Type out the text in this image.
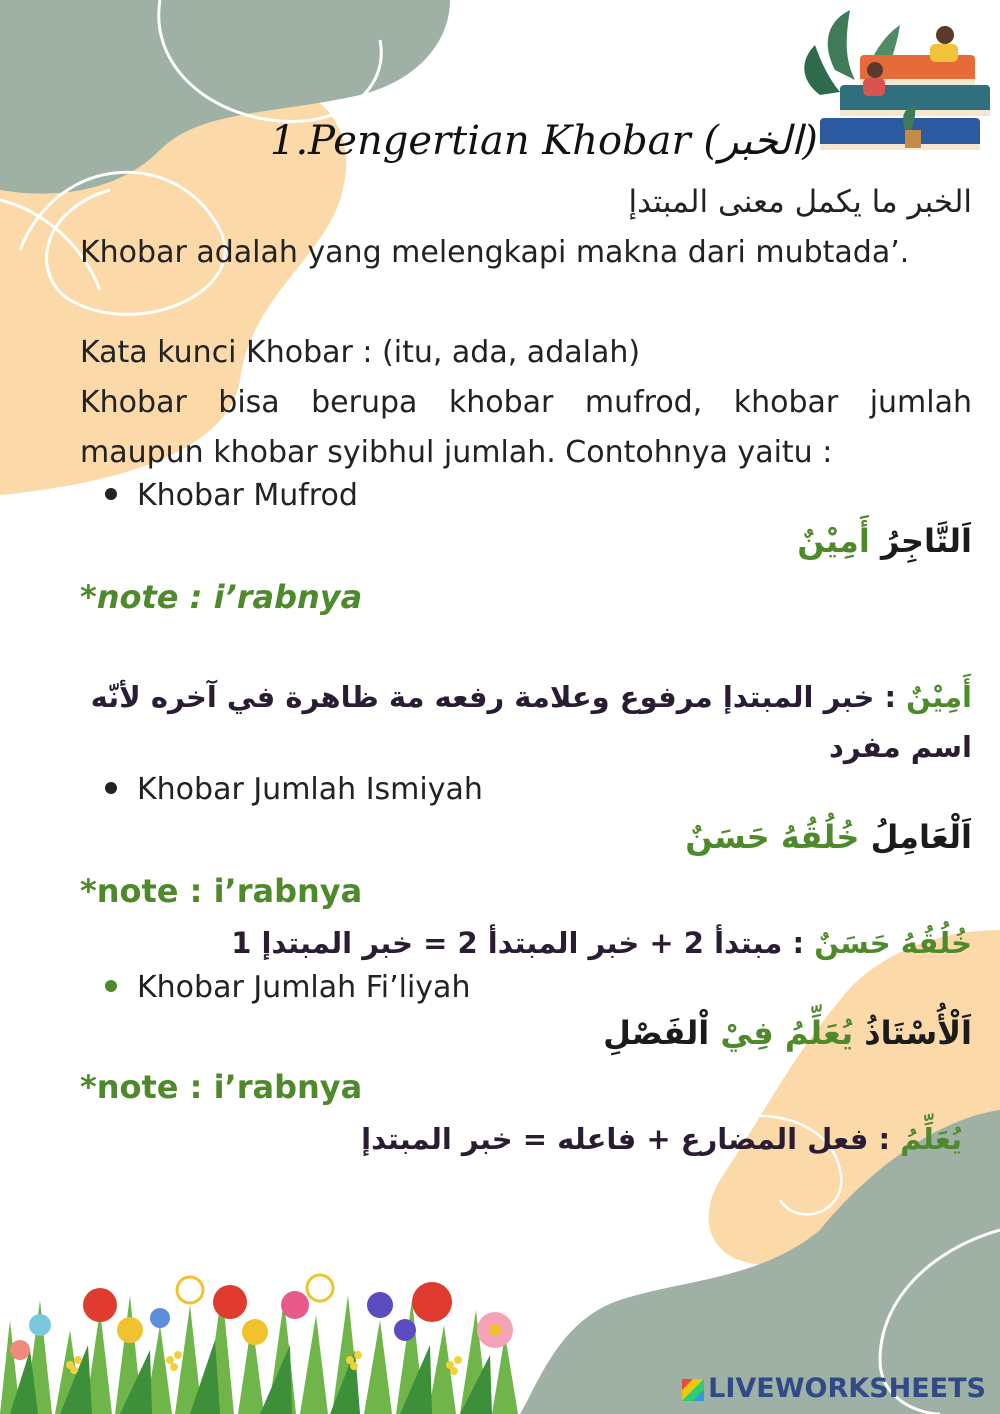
1.Pengertian Khobar (الخبر)
الخبر ما يكمل معنى المبتدإ
Khobar adalah yang melengkapi makna dari mubtada’.
Kata kunci Khobar : (itu, ada, adalah)
Khobar bisa berupa khobar mufrod, khobar jumlah maupun khobar syibhul jumlah. Contohnya yaitu :
Khobar Mufrod
اَلتَّاجِرُ أَمِيْنٌ
*note : i’rabnya
أَمِيْنٌ : خبر المبتدإ مرفوع وعلامة رفعه مة ظاهرة في آخره لأنّه اسم مفرد
Khobar Jumlah Ismiyah
اَلْعَامِلُ خُلُقُهُ حَسَنٌ
*note : i’rabnya
خُلُقُهُ حَسَنٌ : مبتدأ 2 + خبر المبتدأ 2 = خبر المبتدإ 1
Khobar Jumlah Fi’liyah
اَلْأُسْتَاذُ يُعَلِّمُ فِيْ اْلفَصْلِ
*note : i’rabnya
يُعَلِّمُ : فعل المضارع + فاعله = خبر المبتدإ
LIVEWORKSHEETS
